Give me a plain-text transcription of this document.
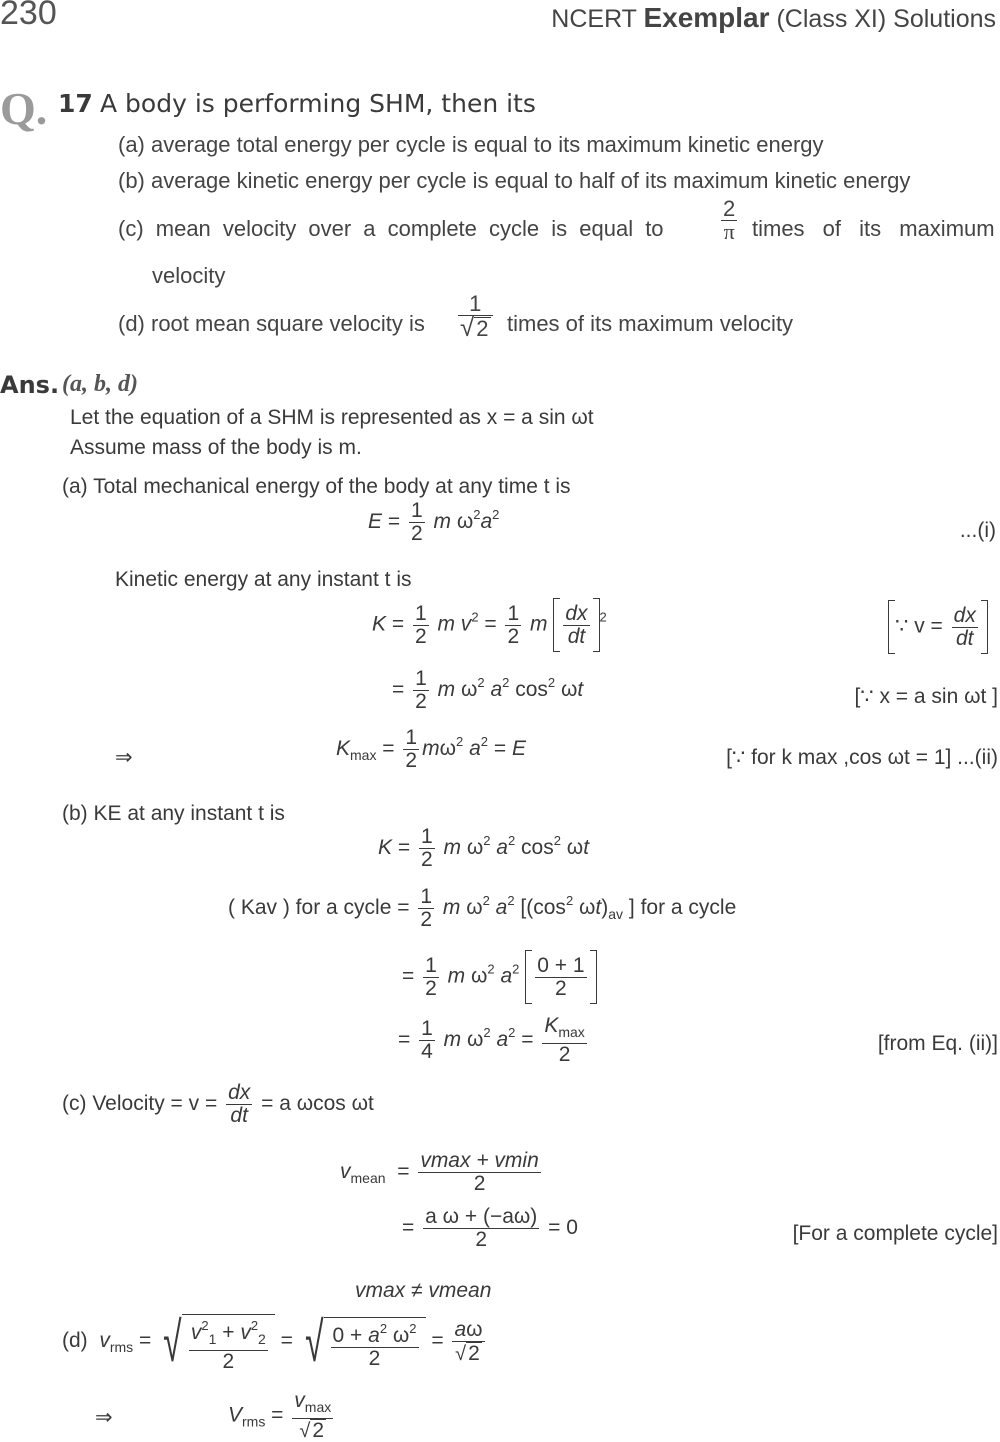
230	NCERT Exemplar (Class XI) Solutions
Q. 17 A body is performing SHM, then its
(a) average total energy per cycle is equal to its maximum kinetic energy
(b) average kinetic energy per cycle is equal to half of its maximum kinetic energy
(c) mean velocity over a complete cycle is equal to	$\frac{2}{\pi}$ times of its maximum
velocity
(d) root mean square velocity is $\frac{1}{√2}$ times of its maximum velocity
Ans. (a, b, d)
Let the equation of a SHM is represented as x = a sin ωt
Assume mass of the body is m.
(a) Total mechanical energy of the body at any time t is
$E = \frac{1}{2}$ m $\omega^2a^2$
...(i)
Kinetic energy at any instant t is
$K = \frac{1}{2}$ m $v^2 = \frac{1}{2}$ m $\frac{dx}{dt} ^2$	∵ $v = \frac{dx}{dt}$
= $\frac{1}{2}$ m $\omega^2$ $a^2$ $\cos^2 \omega t$	[∵ x = a sin ωt ]
⇒	$K_{max} = \frac{1}{2} m\omega^2$ $a^2 = E$	[∵ for k max ,cos ωt = 1] ...(ii)
(b) KE at any instant t is
$K = \frac{1}{2}$ m $\omega^2$ $a^2$ $\cos^2 \omega t$
( Kav ) for a cycle = $\frac{1}{2}$ m $\omega^2$ $a^2$ [($\cos^2$ $\omega t)_{av}$ ] for a cycle
= $\frac{1}{2}$ m $\omega^2$ $a^2 \frac{0 + 1}{2}$
= $\frac{1}{4}$ m $\omega^2$ $a^2 = \frac{K_{max}}{2}$	[from Eq. (ii)]
(c) Velocity = $v = \frac{dx}{dt} = a$ ωcos ωt
$v_{mean} = \frac{vmax + vmin}{2}$
= $\frac{\text{a ω + (−aω)}}{2} = 0$	[For a complete cycle]
vmax ≠ vmean
(d) $v_{rms}$ = √ $\frac{v^2_1 + v^2_2}{2}$ = √ $\frac{0 + a^2 \omega^2}{2} = \frac{a\omega}{√2}$
⇒	$V_{rms} = \frac{v_{max}}{√2}$
